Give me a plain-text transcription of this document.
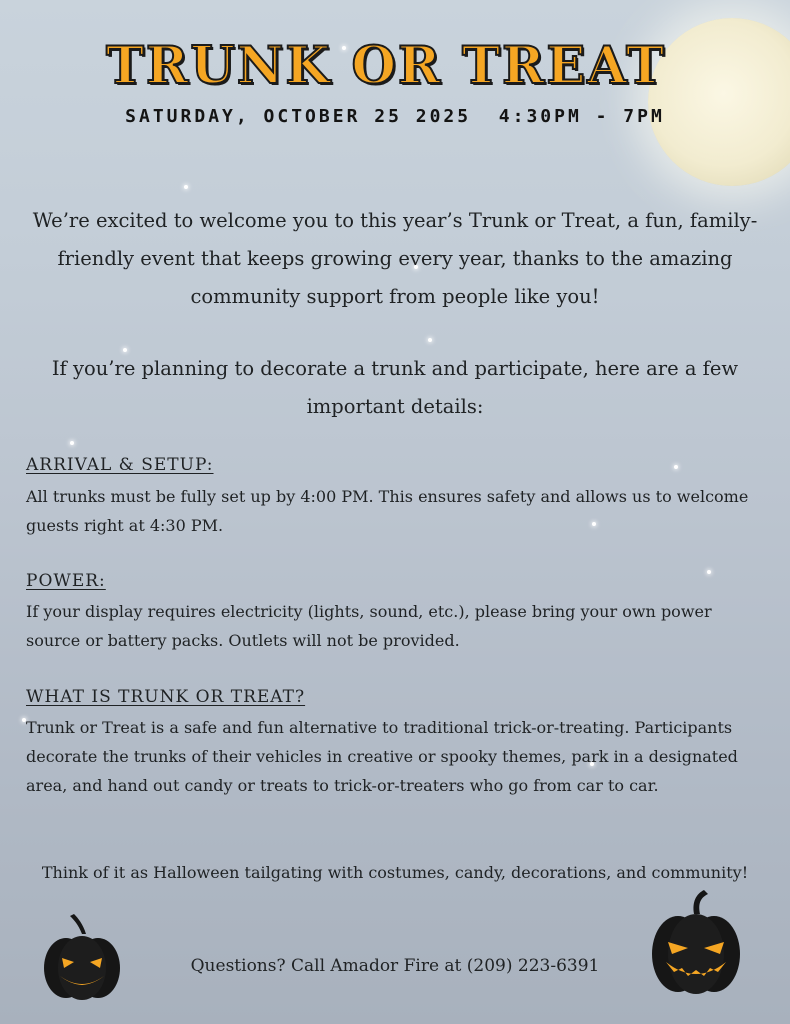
TRUNK OR TREAT

SATURDAY, OCTOBER 25 2025  4:30PM - 7PM

We’re excited to welcome you to this year’s Trunk or Treat, a fun, family-friendly event that keeps growing every year, thanks to the amazing community support from people like you!

If you’re planning to decorate a trunk and participate, here are a few important details:

ARRIVAL & SETUP:

All trunks must be fully set up by 4:00 PM. This ensures safety and allows us to welcome guests right at 4:30 PM.

POWER:

If your display requires electricity (lights, sound, etc.), please bring your own power source or battery packs. Outlets will not be provided.

WHAT IS TRUNK OR TREAT?

Trunk or Treat is a safe and fun alternative to traditional trick-or-treating. Participants decorate the trunks of their vehicles in creative or spooky themes, park in a designated area, and hand out candy or treats to trick-or-treaters who go from car to car.

Think of it as Halloween tailgating with costumes, candy, decorations, and community!

Questions? Call Amador Fire at (209) 223-6391
